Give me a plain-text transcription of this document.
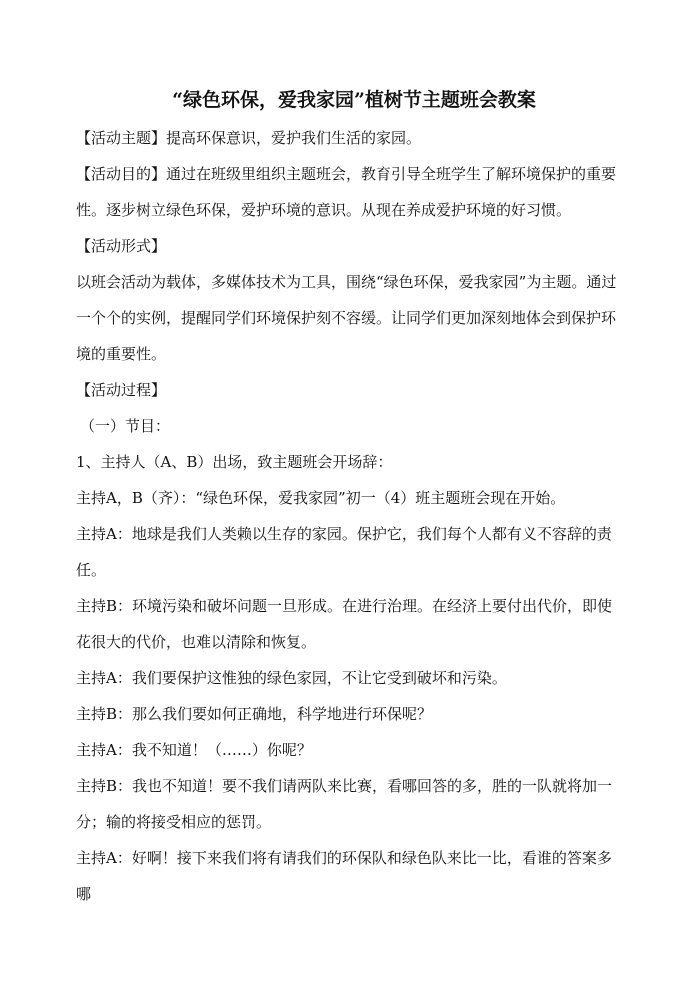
“绿色环保，爱我家园”植树节主题班会教案

【活动主题】提高环保意识，爱护我们生活的家园。

【活动目的】通过在班级里组织主题班会，教育引导全班学生了解环境保护的重要性。逐步树立绿色环保，爱护环境的意识。从现在养成爱护环境的好习惯。

【活动形式】

以班会活动为载体，多媒体技术为工具，围绕“绿色环保，爱我家园”为主题。通过一个个的实例，提醒同学们环境保护刻不容缓。让同学们更加深刻地体会到保护环境的重要性。

【活动过程】

（一）节目：

1、主持人（A、B）出场，致主题班会开场辞：

主持A，B（齐）：“绿色环保，爱我家园”初一（4）班主题班会现在开始。

主持A：地球是我们人类赖以生存的家园。保护它，我们每个人都有义不容辞的责任。

主持B：环境污染和破坏问题一旦形成。在进行治理。在经济上要付出代价，即使花很大的代价，也难以清除和恢复。

主持A：我们要保护这惟独的绿色家园，不让它受到破坏和污染。

主持B：那么我们要如何正确地，科学地进行环保呢？

主持A：我不知道！（……）你呢？

主持B：我也不知道！要不我们请两队来比赛，看哪回答的多，胜的一队就将加一分；输的将接受相应的惩罚。

主持A：好啊！接下来我们将有请我们的环保队和绿色队来比一比，看谁的答案多哪
